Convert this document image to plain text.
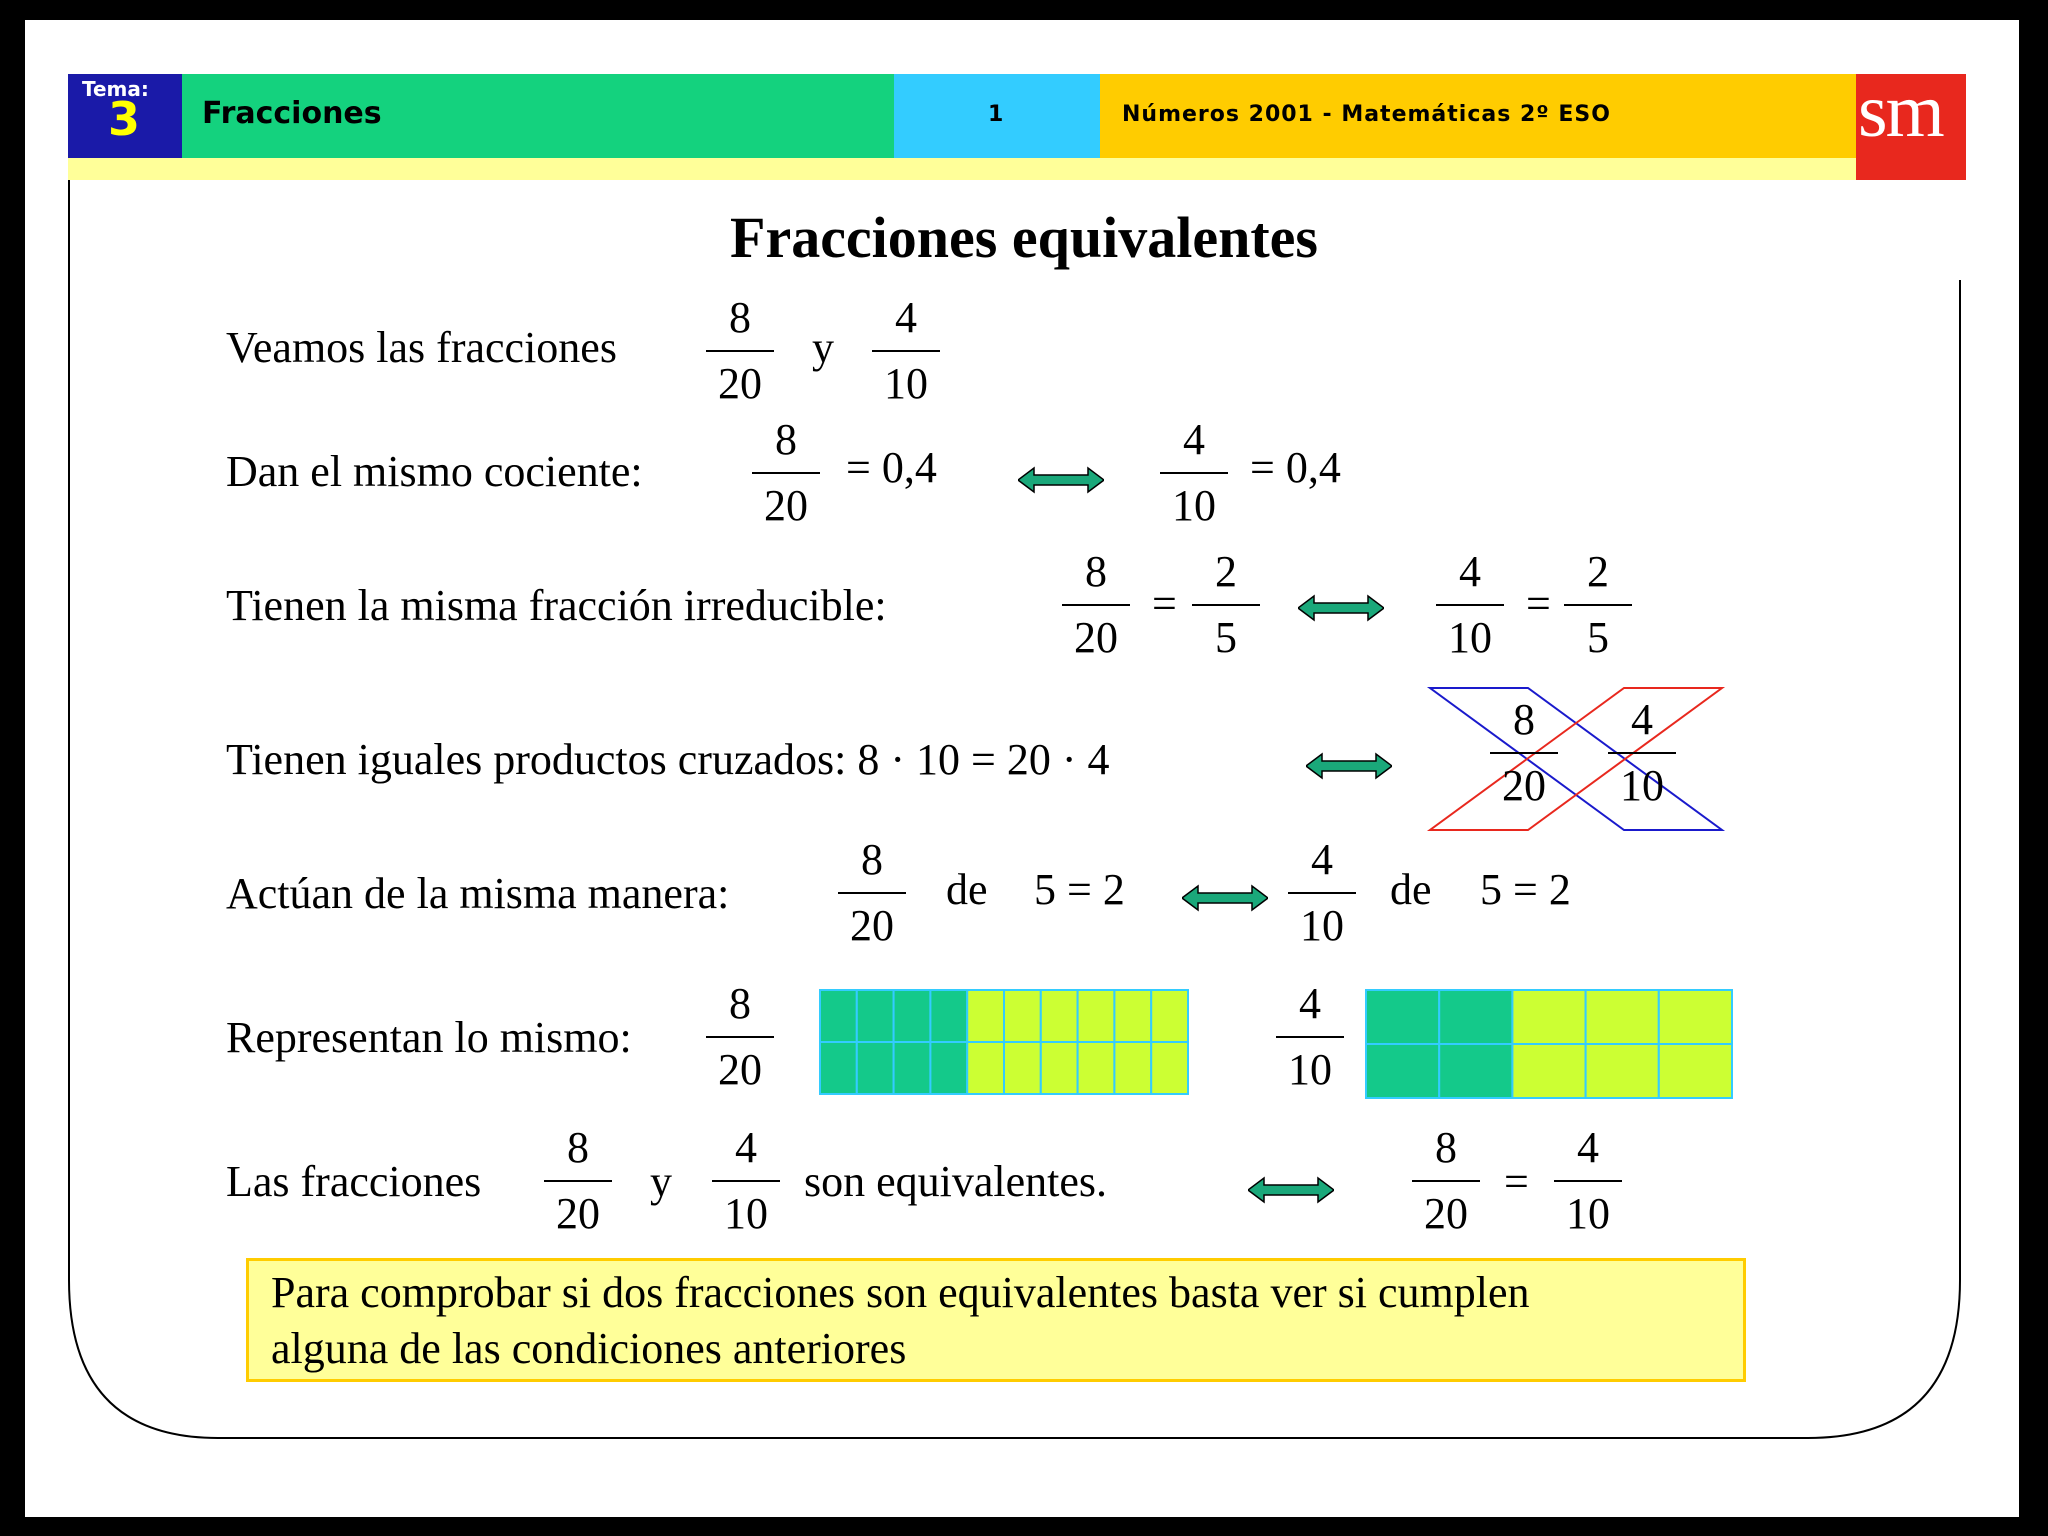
Tema:
3 Fracciones	1	Números 2001 - Matemáticas 2º ESO	sm
Fracciones equivalentes
Veamos las fracciones
8
20
y
4
10
Dan el mismo cociente:
8
20
= 0,4
4
10
= 0,4
Tienen la misma fracción irreducible:
8
20
=
2
5
4
10
=
2
5
Tienen iguales productos cruzados: 8 · 10 = 20 · 4
8
20
4
10
Actúan de la misma manera:
8
20
de 5 = 2
4
10
de 5 = 2
Representan lo mismo:
8
20
4
10
Las fracciones
8
20
y
4
10
son equivalentes.
8
20
=
4
10
Para comprobar si dos fracciones son equivalentes basta ver si cumplen
alguna de las condiciones anteriores
